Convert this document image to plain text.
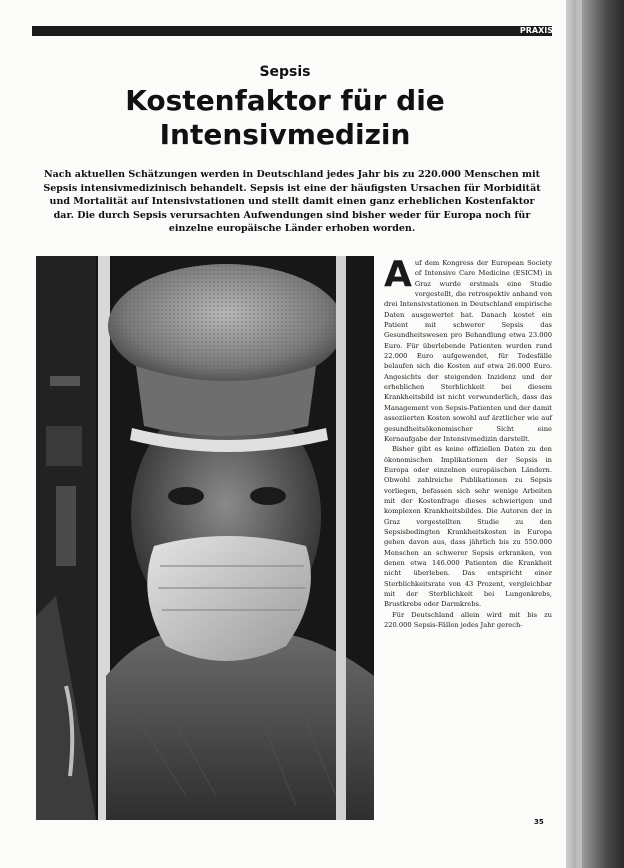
PRAXIS
Sepsis
Kostenfaktor für die
Intensivmedizin
Nach aktuellen Schätzungen werden in Deutschland jedes Jahr bis zu 220.000 Menschen mit Sepsis intensivmedizinisch behandelt. Sepsis ist eine der häufigsten Ursachen für Morbidität und Mortalität auf Intensivstationen und stellt damit einen ganz erheblichen Kostenfaktor dar. Die durch Sepsis verursachten Aufwendungen sind bisher weder für Europa noch für einzelne europäische Länder erhoben worden.

Auf dem Kongress der European Society of Intensive Care Medicine (ESICM) in Graz wurde erstmals eine Studie vorgestellt, die retrospektiv anhand von drei Intensivstationen in Deutschland empirische Daten ausgewertet hat. Danach kostet ein Patient mit schwerer Sepsis das Gesundheitswesen pro Behandlung etwa 23.000 Euro. Für überlebende Patienten wurden rund 22.000 Euro aufgewendet, für Todesfälle belaufen sich die Kosten auf etwa 26.000 Euro. Angesichts der steigenden Inzidenz und der erheblichen Sterblichkeit bei diesem Krankheitsbild ist nicht verwunderlich, dass das Management von Sepsis-Patienten und der damit assoziierten Kosten sowohl auf ärztlicher wie auf gesundheitsökonomischer Sicht eine Kernaufgabe der Intensivmedizin darstellt.

Bisher gibt es keine offiziellen Daten zu den ökonomischen Implikationen der Sepsis in Europa oder einzelnen europäischen Ländern. Obwohl zahlreiche Publikationen zu Sepsis vorliegen, befassen sich sehr wenige Arbeiten mit der Kostenfrage dieses schwierigen und komplexen Krankheitsbildes. Die Autoren der in Graz vorgestellten Studie zu den Sepsisbedingten Krankheitskosten in Europa gehen davon aus, dass jährlich bis zu 550.000 Menschen an schwerer Sepsis erkranken, von denen etwa 146.000 Patienten die Krankheit nicht überleben. Das entspricht einer Sterblichkeitsrate von 43 Prozent, vergleichbar mit der Sterblichkeit bei Lungenkrebs, Brustkrebs oder Darmkrebs.

Für Deutschland allein wird mit bis zu 220.000 Sepsis-Fällen jedes Jahr gerech-

35
